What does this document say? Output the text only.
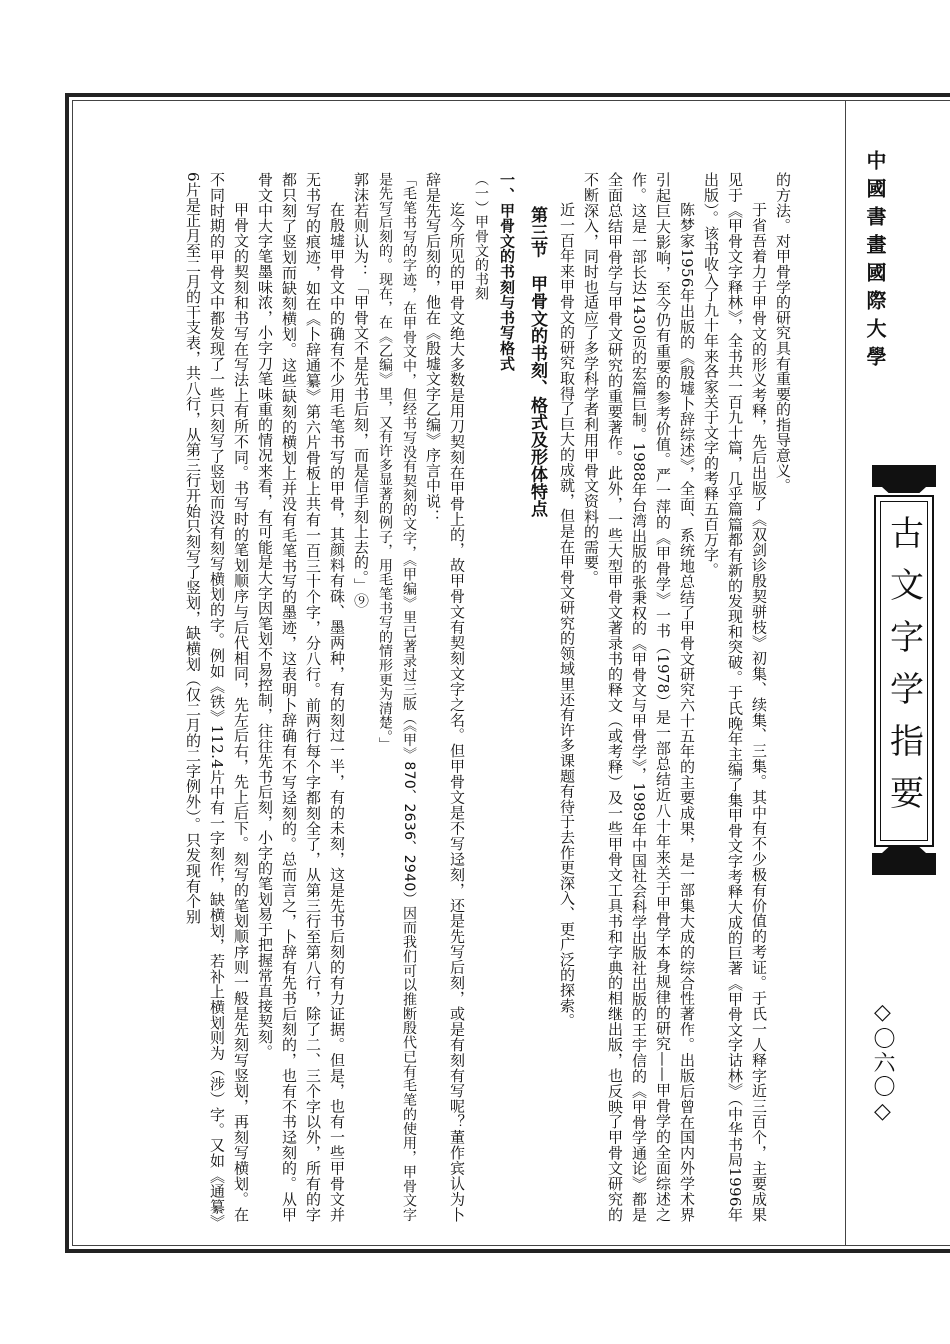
中國書畫國際大學
古文字学指要
◇〇六〇◇

的方法。对甲骨学的研究具有重要的指导意义。

于省吾着力于甲骨文的形义考释，先后出版了《双剑诊殷契骈枝》初集、续集、三集。其中有不少极有价值的考证。于氏一人释字近三百个，主要成果见于《甲骨文字释林》，全书共一百九十篇，几乎篇篇都有新的发现和突破。于氏晚年主编了集甲骨文字考释大成的巨著《甲骨文字诂林》（中华书局1996年出版）。该书收入了九十年来各家关于文字的考释五百万字。

陈梦家1956年出版的《殷墟卜辞综述》，全面、系统地总结了甲骨文研究六十五年的主要成果，是一部集大成的综合性著作。出版后曾在国内外学术界引起巨大影响，至今仍有重要的参考价值。严一萍的《甲骨学》一书（1978）是一部总结近八十年来关于甲骨学本身规律的研究——甲骨学的全面综述之作。这是一部长达1430页的宏篇巨制。1988年台湾出版的张秉权的《甲骨文与甲骨学》，1989年中国社会科学出版社出版的王宇信的《甲骨学通论》都是全面总结甲骨学与甲骨文研究的重要著作。此外，一些大型甲骨文著录书的释文（或考释）及一些甲骨文工具书和字典的相继出版，也反映了甲骨文研究的不断深入，同时也适应了多学科学者利用甲骨文资料的需要。

近一百年来甲骨文的研究取得了巨大的成就，但是在甲骨文研究的领域里还有许多课题有待于去作更深入、更广泛的探索。

第三节　甲骨文的书刻、格式及形体特点

一、甲骨文的书刻与书写格式

（一）甲骨文的书刻

迄今所见的甲骨文绝大多数是用刀契刻在甲骨上的，故甲骨文有契刻文字之名。但甲骨文是不写迳刻，还是先写后刻，或是有刻有写呢？董作宾认为卜辞是先写后刻的，他在《殷墟文字乙编》序言中说：

「毛笔书写的字迹，在甲骨文中，但经书写没有契刻的文字，《甲编》里已著录过三版（《甲》870、2636、2940）因而我们可以推断殷代已有毛笔的使用，甲骨文字是先写后刻的。现在，在《乙编》里，又有许多显著的例子，用毛笔书写的情形更为清楚。」

郭沫若则认为：「甲骨文不是先书后刻，而是信手刻上去的。」⑨

在殷墟甲骨文中的确有不少用毛笔书写的甲骨，其颜料有硃、墨两种，有的刻过一半，有的未刻，这是先书后刻的有力证据。但是，也有一些甲骨文并无书写的痕迹，如在《卜辞通纂》第六片骨板上共有一百三十个字，分八行。前两行每个字都刻全了，从第三行至第八行，除了二、三个字以外，所有的字都只刻了竖划而缺刻横划。这些缺刻的横划上并没有毛笔书写的墨迹，这表明卜辞确有不写迳刻的。总而言之，卜辞有先书后刻的，也有不书迳刻的。从甲骨文中大字笔墨味浓，小字刀笔味重的情况来看，有可能是大字因笔划不易控制，往往先书后刻，小字的笔划易于把握常直接契刻。

甲骨文的契刻和书写在写法上有所不同。书写时的笔划顺序与后代相同，先左后右，先上后下。刻写的笔划顺序则一般是先刻写竖划，再刻写横划。在不同时期的甲骨文中都发现了一些只刻写了竖划而没有刻写横划的字。例如《铁》112.4片中有一字刻作，缺横划，若补上横划则为（涉）字。又如《通纂》6片是正月至二月的干支表，共八行，从第三行开始只刻写了竖划，缺横划（仅二月的二字例外）。只发现有个别
